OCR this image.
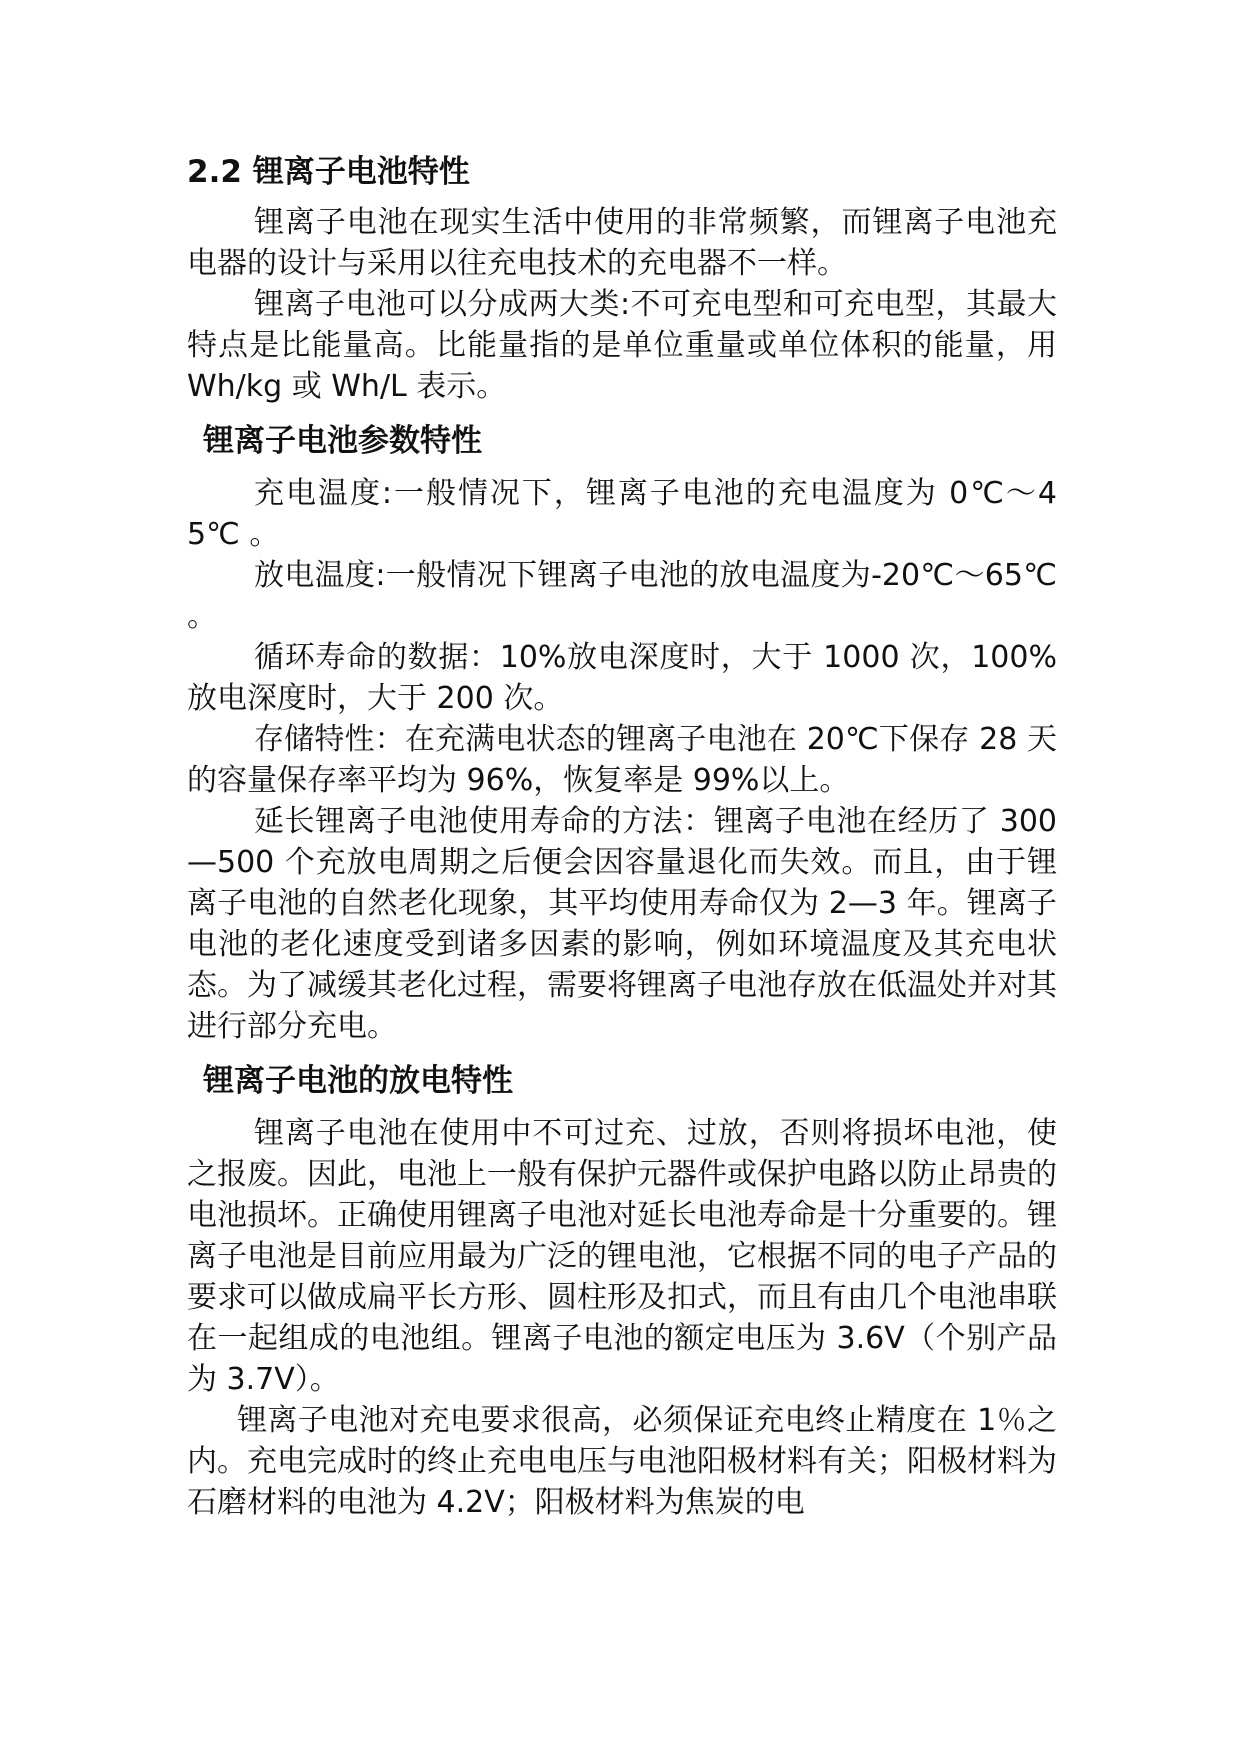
2.2 锂离子电池特性

锂离子电池在现实生活中使用的非常频繁，而锂离子电池充电器的设计与采用以往充电技术的充电器不一样。

锂离子电池可以分成两大类:不可充电型和可充电型，其最大特点是比能量高。比能量指的是单位重量或单位体积的能量，用 Wh/kg 或 Wh/L 表示。

锂离子电池参数特性

充电温度:一般情况下，锂离子电池的充电温度为 0℃～45℃ 。

放电温度:一般情况下锂离子电池的放电温度为-20℃～65℃ 。

循环寿命的数据：10%放电深度时，大于 1000 次，100%放电深度时，大于 200 次。

存储特性：在充满电状态的锂离子电池在 20℃下保存 28 天的容量保存率平均为 96%，恢复率是 99%以上。

延长锂离子电池使用寿命的方法：锂离子电池在经历了 300—500 个充放电周期之后便会因容量退化而失效。而且，由于锂离子电池的自然老化现象，其平均使用寿命仅为 2—3 年。锂离子电池的老化速度受到诸多因素的影响，例如环境温度及其充电状态。为了减缓其老化过程，需要将锂离子电池存放在低温处并对其进行部分充电。

锂离子电池的放电特性

锂离子电池在使用中不可过充、过放，否则将损坏电池，使之报废。因此，电池上一般有保护元器件或保护电路以防止昂贵的电池损坏。正确使用锂离子电池对延长电池寿命是十分重要的。锂离子电池是目前应用最为广泛的锂电池，它根据不同的电子产品的要求可以做成扁平长方形、圆柱形及扣式，而且有由几个电池串联在一起组成的电池组。锂离子电池的额定电压为 3.6V（个别产品为 3.7V）。

锂离子电池对充电要求很高，必须保证充电终止精度在 1％之内。充电完成时的终止充电电压与电池阳极材料有关；阳极材料为石磨材料的电池为 4.2V；阳极材料为焦炭的电
